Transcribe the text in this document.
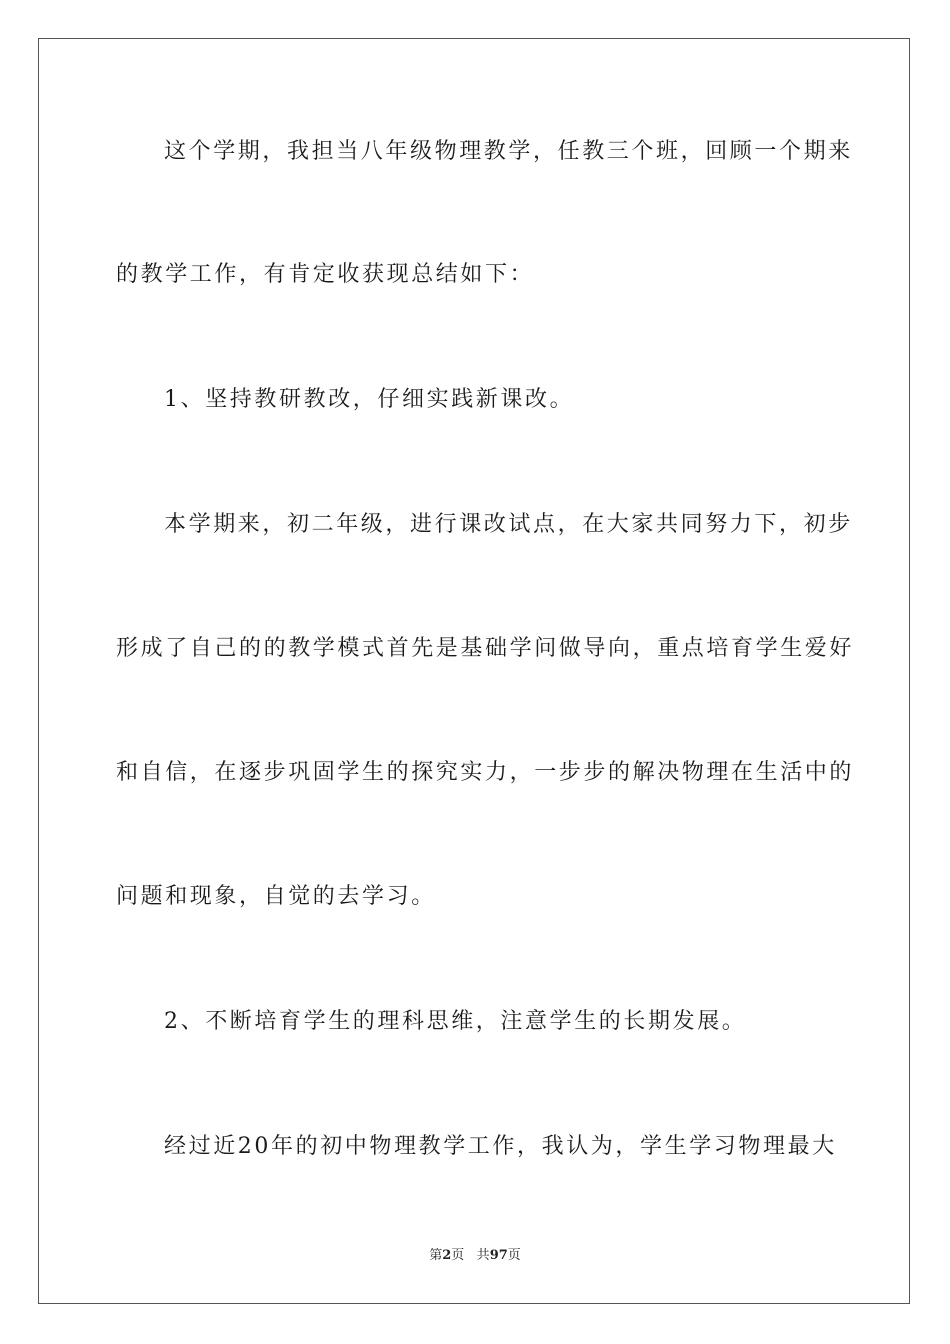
这个学期，我担当八年级物理教学，任教三个班，回顾一个期来
的教学工作，有肯定收获现总结如下：
1、坚持教研教改，仔细实践新课改。
本学期来，初二年级，进行课改试点，在大家共同努力下，初步
形成了自己的的教学模式首先是基础学问做导向，重点培育学生爱好
和自信，在逐步巩固学生的探究实力，一步步的解决物理在生活中的
问题和现象，自觉的去学习。
2、不断培育学生的理科思维，注意学生的长期发展。
经过近20年的初中物理教学工作，我认为，学生学习物理最大
第2页 共97页
